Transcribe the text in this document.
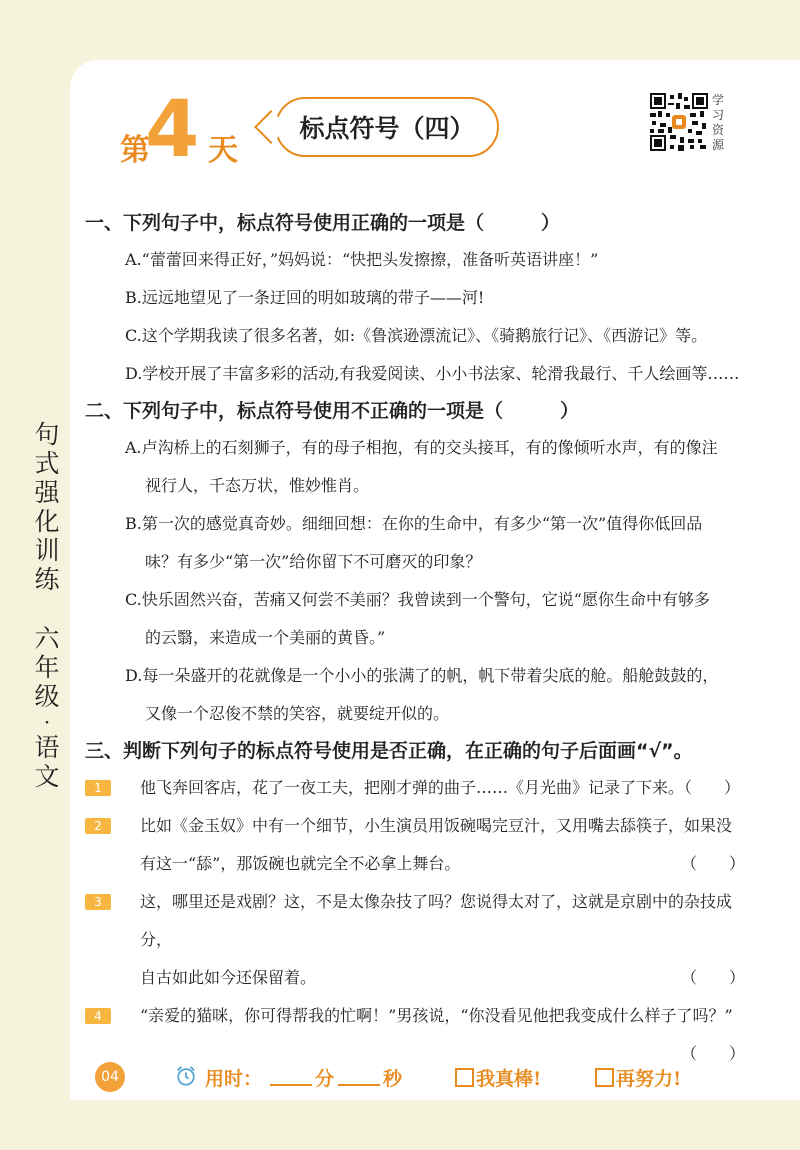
句
式
强
化
训
练
六
年
级
·
语
文
第
4 天
标点符号（四）
学习资源
一、下列句子中，标点符号使用正确的一项是（　　　）
A.“蕾蕾回来得正好，”妈妈说：“快把头发擦擦，准备听英语讲座！”
B.远远地望见了一条迂回的明如玻璃的带子——河!
C.这个学期我读了很多名著，如:《鲁滨逊漂流记》、《骑鹅旅行记》、《西游记》等。
D.学校开展了丰富多彩的活动,有我爱阅读、小小书法家、轮滑我最行、千人绘画等……
二、下列句子中，标点符号使用不正确的一项是（　　　）
A.卢沟桥上的石刻狮子，有的母子相抱，有的交头接耳，有的像倾听水声，有的像注
视行人，千态万状，惟妙惟肖。
B.第一次的感觉真奇妙。细细回想：在你的生命中，有多少“第一次”值得你低回品
味？有多少“第一次”给你留下不可磨灭的印象？
C.快乐固然兴奋，苦痛又何尝不美丽？我曾读到一个警句，它说“愿你生命中有够多
的云翳，来造成一个美丽的黄昏。”
D.每一朵盛开的花就像是一个小小的张满了的帆，帆下带着尖底的舱。船舱鼓鼓的，
又像一个忍俊不禁的笑容，就要绽开似的。
三、判断下列句子的标点符号使用是否正确，在正确的句子后面画“√”。
1	他飞奔回客店，花了一夜工夫，把刚才弹的曲子……《月光曲》记录了下来。（　　）
2	比如《金玉奴》中有一个细节，小生演员用饭碗喝完豆汁，又用嘴去舔筷子，如果没
有这一“舔”，那饭碗也就完全不必拿上舞台。	（　　）
3	这，哪里还是戏剧？这，不是太像杂技了吗？您说得太对了，这就是京剧中的杂技成分，
自古如此如今还保留着。	（　　）
4	“亲爱的猫咪，你可得帮我的忙啊！”男孩说，“你没看见他把我变成什么样子了吗？”

（　　）
04	用时：	分	秒	我真棒!	再努力!
